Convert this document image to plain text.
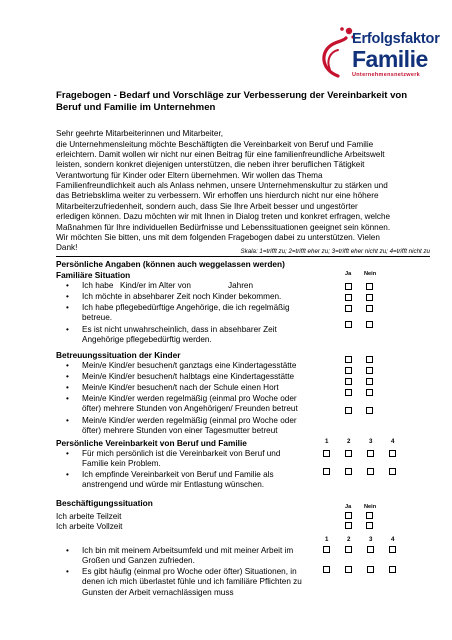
Erfolgsfaktor
Familie
Unternehmensnetzwerk
Fragebogen - Bedarf und Vorschläge zur Verbesserung der Vereinbarkeit von
Beruf und Familie im Unternehmen
Sehr geehrte Mitarbeiterinnen und Mitarbeiter,
die Unternehmensleitung möchte Beschäftigten die Vereinbarkeit von Beruf und Familie
erleichtern. Damit wollen wir nicht nur einen Beitrag für eine familienfreundliche Arbeitswelt
leisten, sondern konkret diejenigen unterstützen, die neben ihrer beruflichen Tätigkeit
Verantwortung für Kinder oder Eltern übernehmen. Wir wollen das Thema
Familienfreundlichkeit auch als Anlass nehmen, unsere Unternehmenskultur zu stärken und
das Betriebsklima weiter zu verbessern. Wir erhoffen uns hierdurch nicht nur eine höhere
Mitarbeiterzufriedenheit, sondern auch, dass Sie Ihre Arbeit besser und ungestörter
erledigen können. Dazu möchten wir mit Ihnen in Dialog treten und konkret erfragen, welche
Maßnahmen für Ihre individuellen Bedürfnisse und Lebenssituationen geeignet sein können.
Wir möchten Sie bitten, uns mit dem folgenden Fragebogen dabei zu unterstützen. Vielen
Dank!	Skala: 1=trifft zu; 2=trifft eher zu; 3=trifft eher nicht zu; 4=trifft nicht zu
Persönliche Angaben (können auch weggelassen werden)
Familiäre Situation	Ja Nein
• Ich habe Kind/er im Alter von	Jahren
• Ich möchte in absehbarer Zeit noch Kinder bekommen.
• Ich habe pflegebedürftige Angehörige, die ich regelmäßig
betreue.
• Es ist nicht unwahrscheinlich, dass in absehbarer Zeit
Angehörige pflegebedürftig werden.
Betreuungssituation der Kinder
• Mein/e Kind/er besuchen/t ganztags eine Kindertagesstätte
• Mein/e Kind/er besuchen/t halbtags eine Kindertagesstätte
• Mein/e Kind/er besuchen/t nach der Schule einen Hort
• Mein/e Kind/er werden regelmäßig (einmal pro Woche oder
öfter) mehrere Stunden von Angehörigen/ Freunden betreut
• Mein/e Kind/er werden regelmäßig (einmal pro Woche oder
öfter) mehrere Stunden von einer Tagesmutter betreut
Persönliche Vereinbarkeit von Beruf und Familie	1	2	3	4
• Für mich persönlich ist die Vereinbarkeit von Beruf und
Familie kein Problem.
• Ich empfinde Vereinbarkeit von Beruf und Familie als
anstrengend und würde mir Entlastung wünschen.
Beschäftigungssituation	Ja Nein
Ich arbeite Teilzeit
Ich arbeite Vollzeit
1	2	3	4
• Ich bin mit meinem Arbeitsumfeld und mit meiner Arbeit im
Großen und Ganzen zufrieden.
• Es gibt häufig (einmal pro Woche oder öfter) Situationen, in
denen ich mich überlastet fühle und ich familiäre Pflichten zu
Gunsten der Arbeit vernachlässigen muss
